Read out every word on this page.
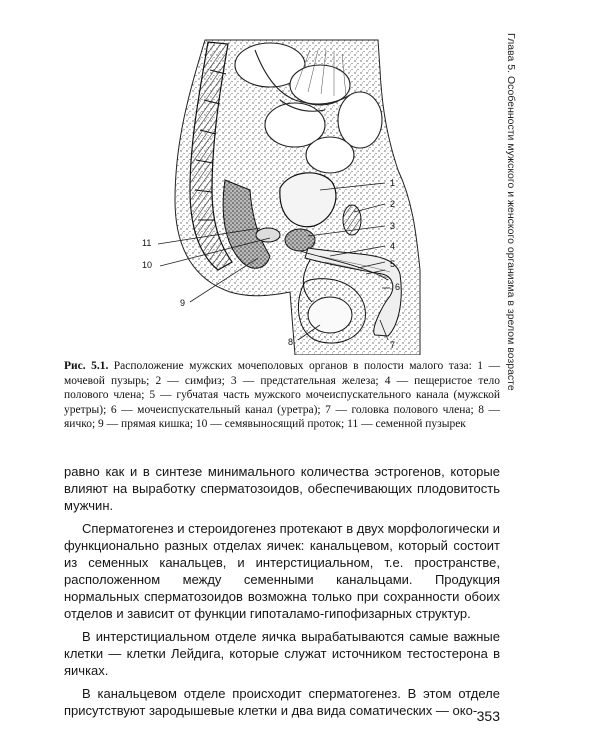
Глава 5. Особенности мужского и женского организма в зрелом возрасте
1
2
3
4
5
6
7
8
9
10
11
Рис. 5.1. Расположение мужских мочеполовых органов в полости малого таза: 1 — мочевой пузырь; 2 — симфиз; 3 — предстательная железа; 4 — пещеристое тело полового члена; 5 — губчатая часть мужского мочеиспускательного канала (мужской уретры); 6 — мочеиспускательный канал (уретра); 7 — головка полового члена; 8 — яичко; 9 — прямая кишка; 10 — семявыносящий проток; 11 — семенной пузырек

равно как и в синтезе минимального количества эстрогенов, которые влияют на выработку сперматозоидов, обеспечивающих плодовитость мужчин.

Сперматогенез и стероидогенез протекают в двух морфологически и функционально разных отделах яичек: канальцевом, который состоит из семенных канальцев, и интерстициальном, т.е. пространстве, расположенном между семенными канальцами. Продукция нормальных сперматозоидов возможна только при сохранности обоих отделов и зависит от функции гипоталамо-гипофизарных структур.

В интерстициальном отделе яичка вырабатываются самые важные клетки — клетки Лейдига, которые служат источником тестостерона в яичках.

В канальцевом отделе происходит сперматогенез. В этом отделе присутствуют зародышевые клетки и два вида соматических — око- 353
